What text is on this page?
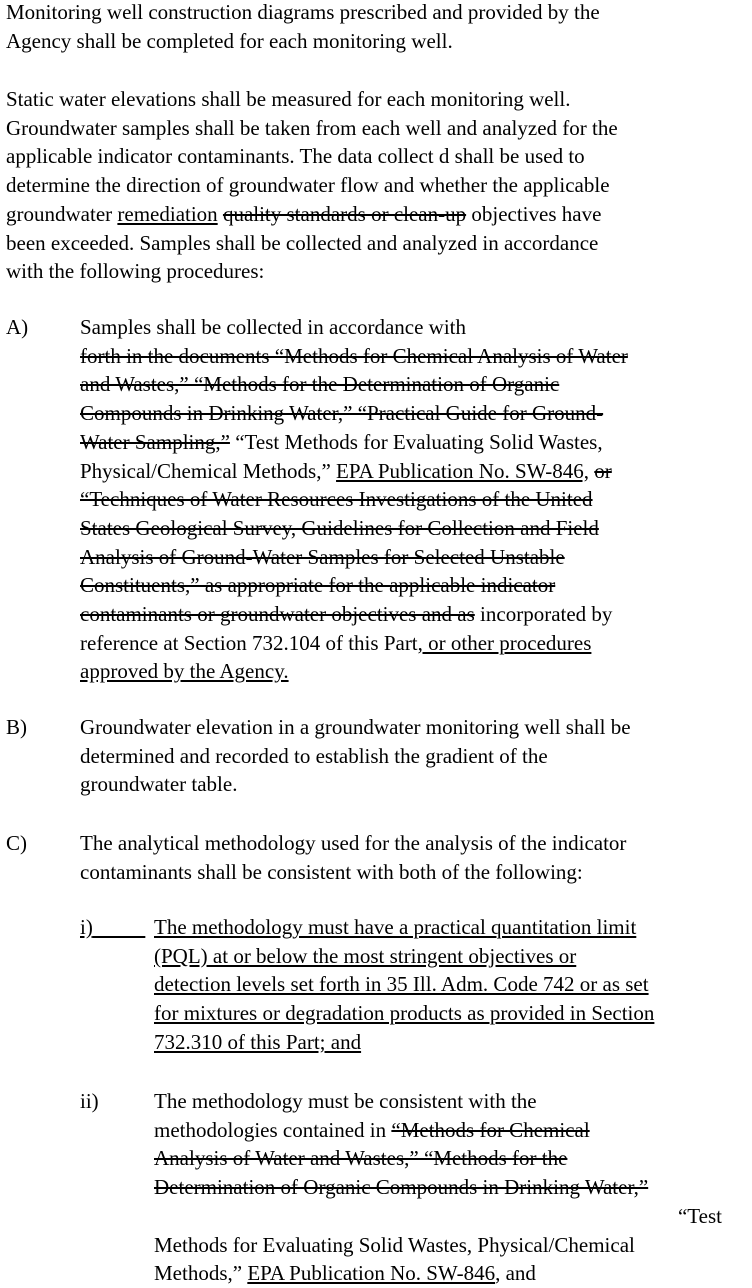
Monitoring well construction diagrams prescribed and provided by the
Agency shall be completed for each monitoring well.
Static water elevations shall be measured for each monitoring well.
Groundwater samples shall be taken from each well and analyzed for the
applicable indicator contaminants. The data collect d shall be used to
determine the direction of groundwater flow and whether the applicable
groundwater remediation quality standards or clean-up objectives have
been exceeded. Samples shall be collected and analyzed in accordance
with the following procedures:
A) Samples shall be collected in accordance with
forth in the documents “Methods for Chemical Analysis of Water
and Wastes,” “Methods for the Determination of Organic
Compounds in Drinking Water,” “Practical Guide for Ground-
Water Sampling,” “Test Methods for Evaluating Solid Wastes,
Physical/Chemical Methods,” EPA Publication No. SW-846, or
“Techniques of Water Resources Investigations of the United
States Geological Survey, Guidelines for Collection and Field
Analysis of Ground-Water Samples for Selected Unstable
Constituents,” as appropriate for the applicable indicator
contaminants or groundwater objectives and as incorporated by
reference at Section 732.104 of this Part, or other procedures
approved by the Agency.
B)	Groundwater elevation in a groundwater monitoring well shall be
determined and recorded to establish the gradient of the
groundwater table.
C)	The analytical methodology used for the analysis of the indicator
contaminants shall be consistent with both of the following:
i)	The methodology must have a practical quantitation limit
(PQL) at or below the most stringent objectives or
detection levels set forth in 35 Ill. Adm. Code 742 or as set
for mixtures or degradation products as provided in Section
732.310 of this Part; and
ii)	The methodology must be consistent with the
methodologies contained in “Methods for Chemical
Analysis of Water and Wastes,” “Methods for the
Determination of Organic Compounds in Drinking Water,”
“Test
Methods for Evaluating Solid Wastes, Physical/Chemical
Methods,” EPA Publication No. SW-846, and
